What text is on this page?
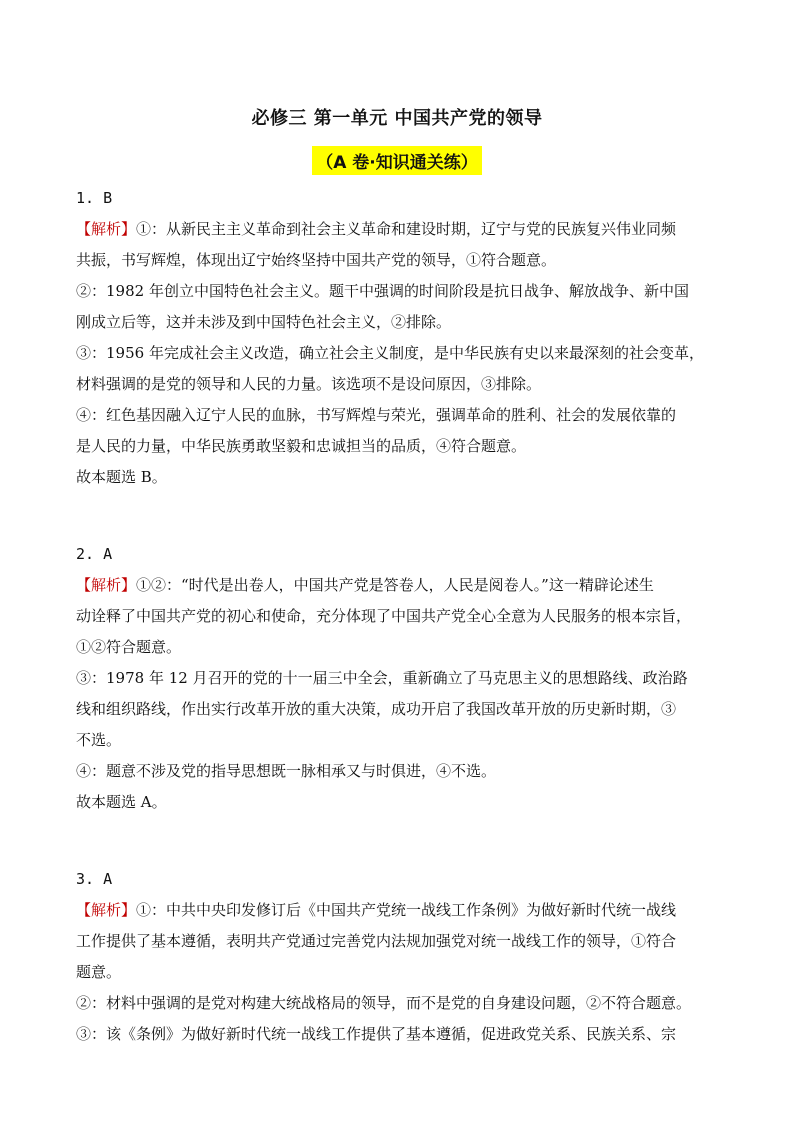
必修三 第一单元 中国共产党的领导
（A 卷·知识通关练）
1. B
【解析】①：从新民主主义革命到社会主义革命和建设时期，辽宁与党的民族复兴伟业同频
共振，书写辉煌，体现出辽宁始终坚持中国共产党的领导，①符合题意。
②：1982 年创立中国特色社会主义。题干中强调的时间阶段是抗日战争、解放战争、新中国
刚成立后等，这并未涉及到中国特色社会主义，②排除。
③：1956 年完成社会主义改造，确立社会主义制度，是中华民族有史以来最深刻的社会变革，
材料强调的是党的领导和人民的力量。该选项不是设问原因，③排除。
④：红色基因融入辽宁人民的血脉，书写辉煌与荣光，强调革命的胜利、社会的发展依靠的
是人民的力量，中华民族勇敢坚毅和忠诚担当的品质，④符合题意。
故本题选 B。
2. A
【解析】①②：“时代是出卷人，中国共产党是答卷人，人民是阅卷人。”这一精辟论述生
动诠释了中国共产党的初心和使命，充分体现了中国共产党全心全意为人民服务的根本宗旨，
①②符合题意。
③：1978 年 12 月召开的党的十一届三中全会，重新确立了马克思主义的思想路线、政治路
线和组织路线，作出实行改革开放的重大决策，成功开启了我国改革开放的历史新时期，③
不选。
④：题意不涉及党的指导思想既一脉相承又与时俱进，④不选。
故本题选 A。
3. A
【解析】①：中共中央印发修订后《中国共产党统一战线工作条例》为做好新时代统一战线
工作提供了基本遵循，表明共产党通过完善党内法规加强党对统一战线工作的领导，①符合
题意。
②：材料中强调的是党对构建大统战格局的领导，而不是党的自身建设问题，②不符合题意。
③：该《条例》为做好新时代统一战线工作提供了基本遵循，促进政党关系、民族关系、宗
